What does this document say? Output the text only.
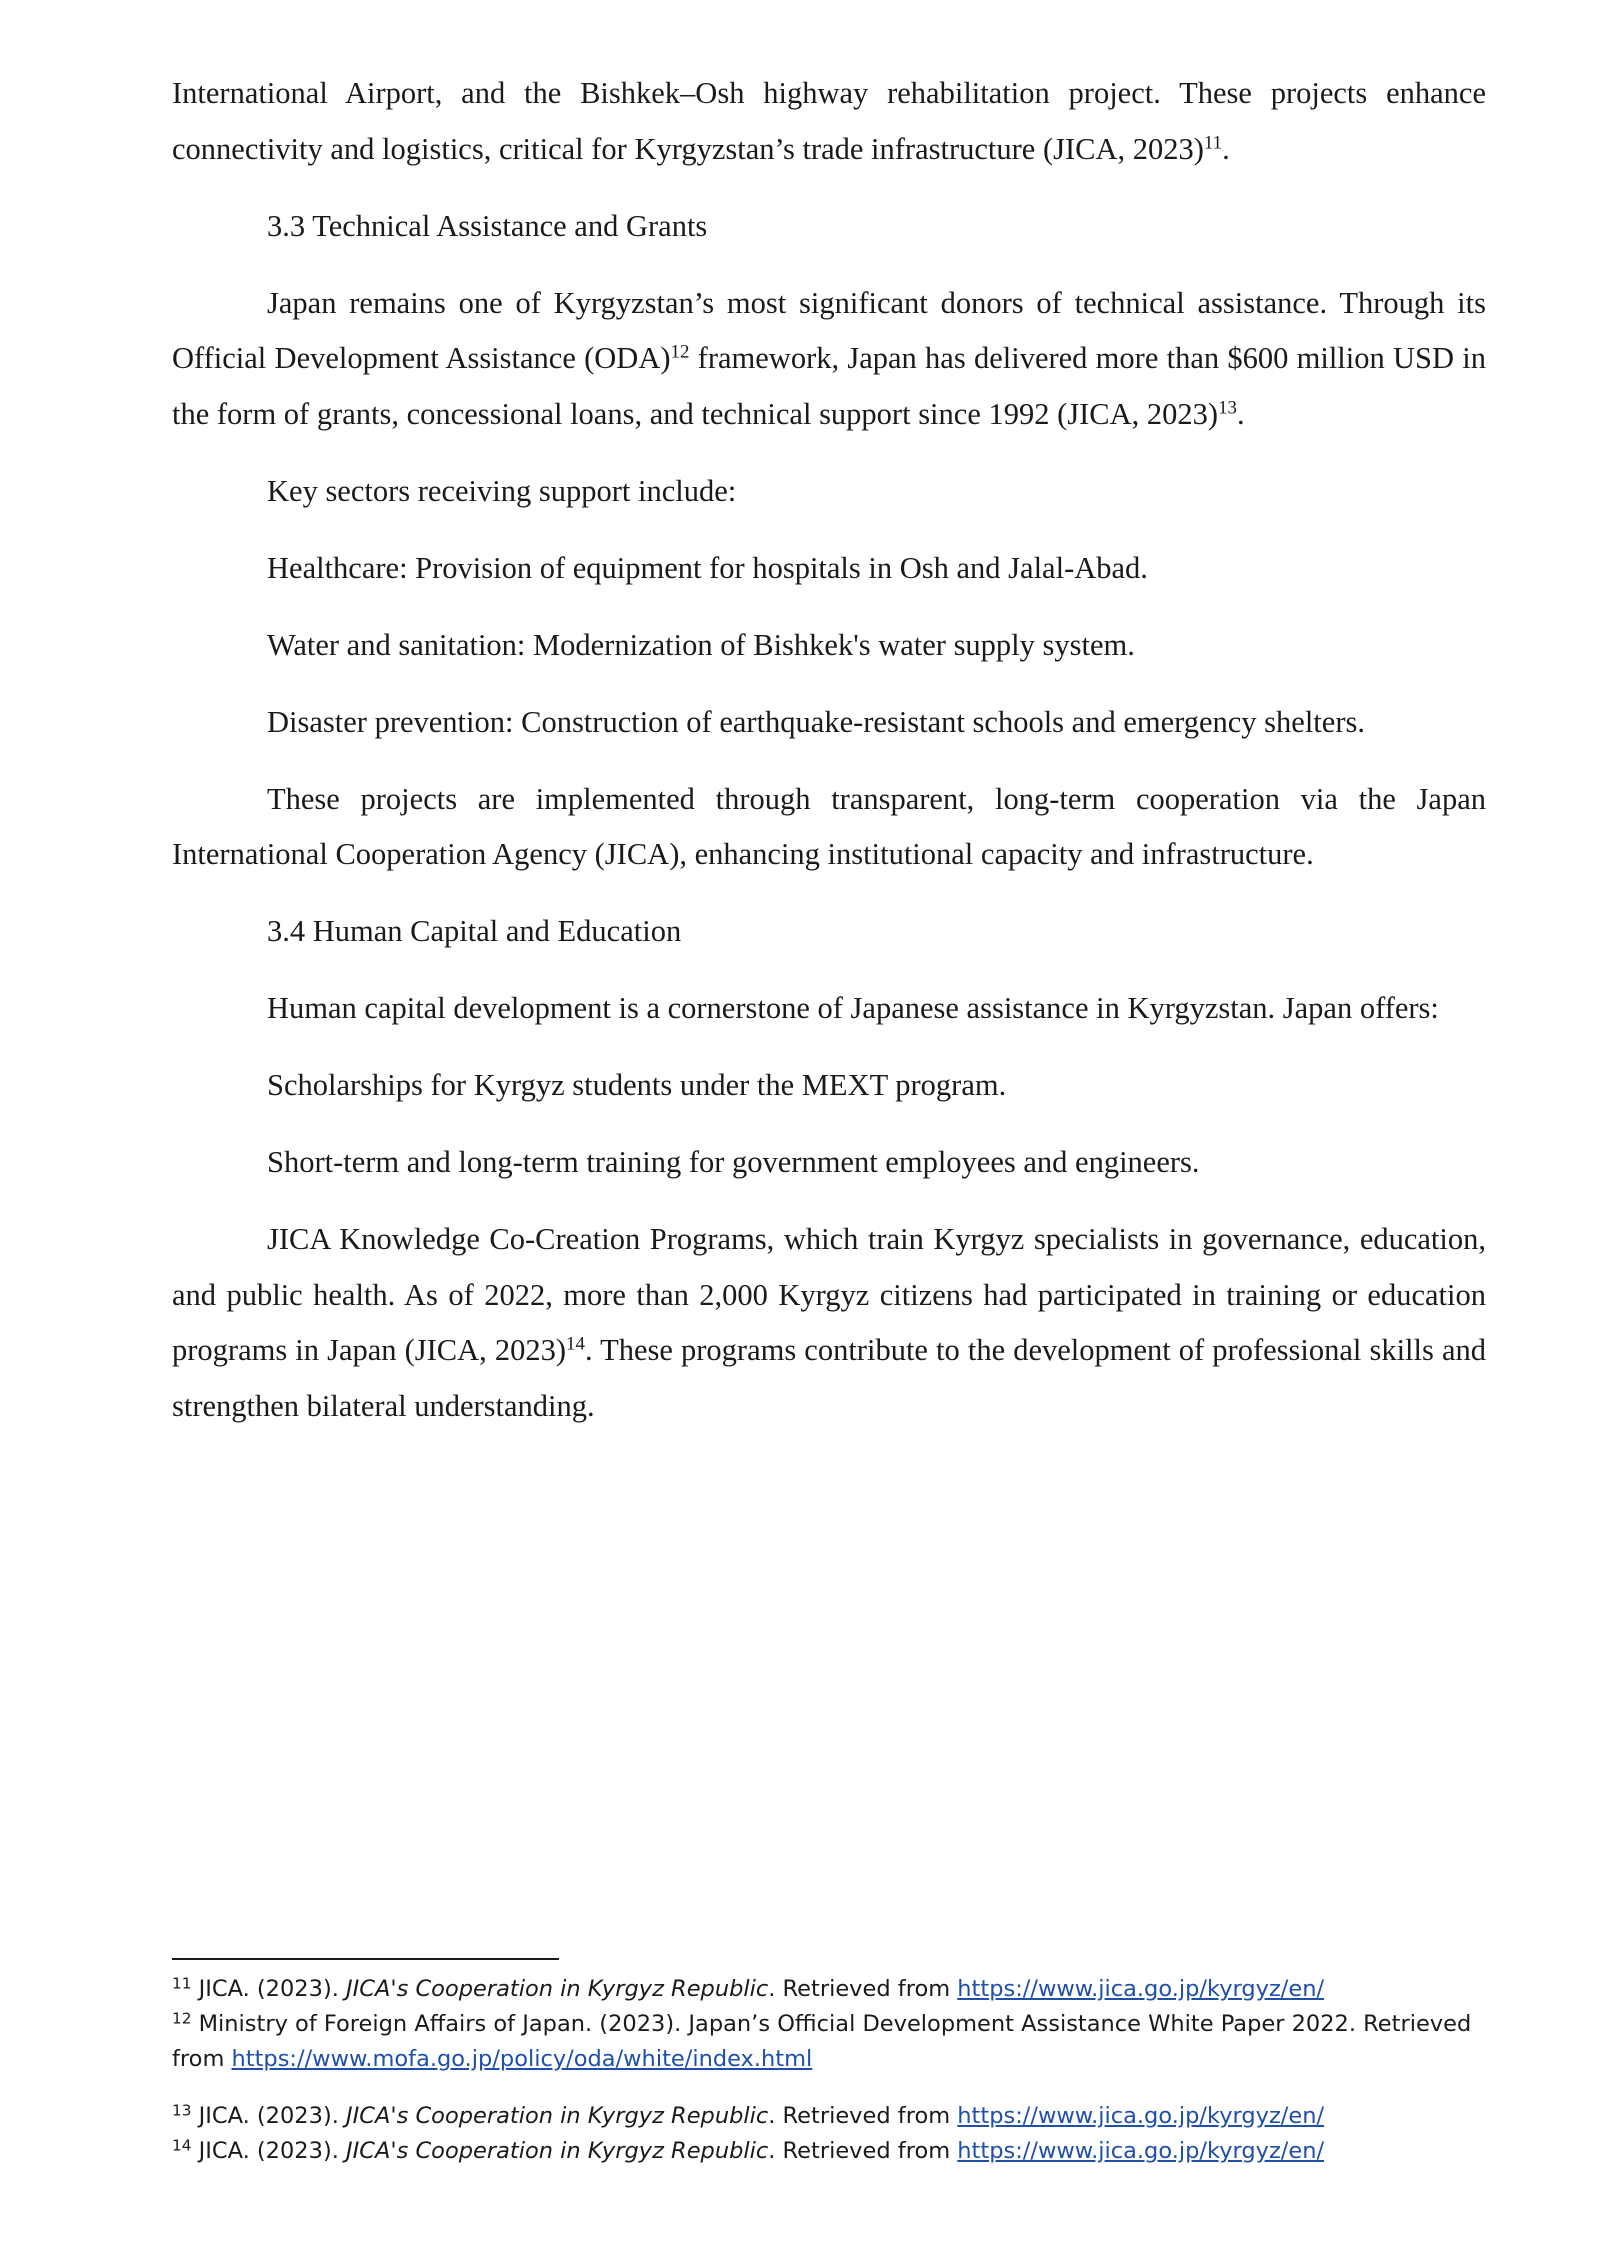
International Airport, and the Bishkek–Osh highway rehabilitation project. These projects enhance connectivity and logistics, critical for Kyrgyzstan’s trade infrastructure (JICA, 2023)$^{11}$.

3.3 Technical Assistance and Grants

Japan remains one of Kyrgyzstan’s most significant donors of technical assistance. Through its Official Development Assistance (ODA)$^{12}$ framework, Japan has delivered more than $600 million USD in the form of grants, concessional loans, and technical support since 1992 (JICA, 2023)$^{13}$.

Key sectors receiving support include:

Healthcare: Provision of equipment for hospitals in Osh and Jalal-Abad.

Water and sanitation: Modernization of Bishkek's water supply system.

Disaster prevention: Construction of earthquake-resistant schools and emergency shelters.

These projects are implemented through transparent, long-term cooperation via the Japan International Cooperation Agency (JICA), enhancing institutional capacity and infrastructure.

3.4 Human Capital and Education

Human capital development is a cornerstone of Japanese assistance in Kyrgyzstan. Japan offers:

Scholarships for Kyrgyz students under the MEXT program.

Short-term and long-term training for government employees and engineers.

JICA Knowledge Co-Creation Programs, which train Kyrgyz specialists in governance, education, and public health. As of 2022, more than 2,000 Kyrgyz citizens had participated in training or education programs in Japan (JICA, 2023)$^{14}$. These programs contribute to the development of professional skills and strengthen bilateral understanding.

$^{11}$ JICA. (2023). JICA's Cooperation in Kyrgyz Republic. Retrieved from https://www.jica.go.jp/kyrgyz/en/

$^{12}$ Ministry of Foreign Affairs of Japan. (2023). Japan’s Official Development Assistance White Paper 2022. Retrieved from https://www.mofa.go.jp/policy/oda/white/index.html

$^{13}$ JICA. (2023). JICA's Cooperation in Kyrgyz Republic. Retrieved from https://www.jica.go.jp/kyrgyz/en/

$^{14}$ JICA. (2023). JICA's Cooperation in Kyrgyz Republic. Retrieved from https://www.jica.go.jp/kyrgyz/en/
